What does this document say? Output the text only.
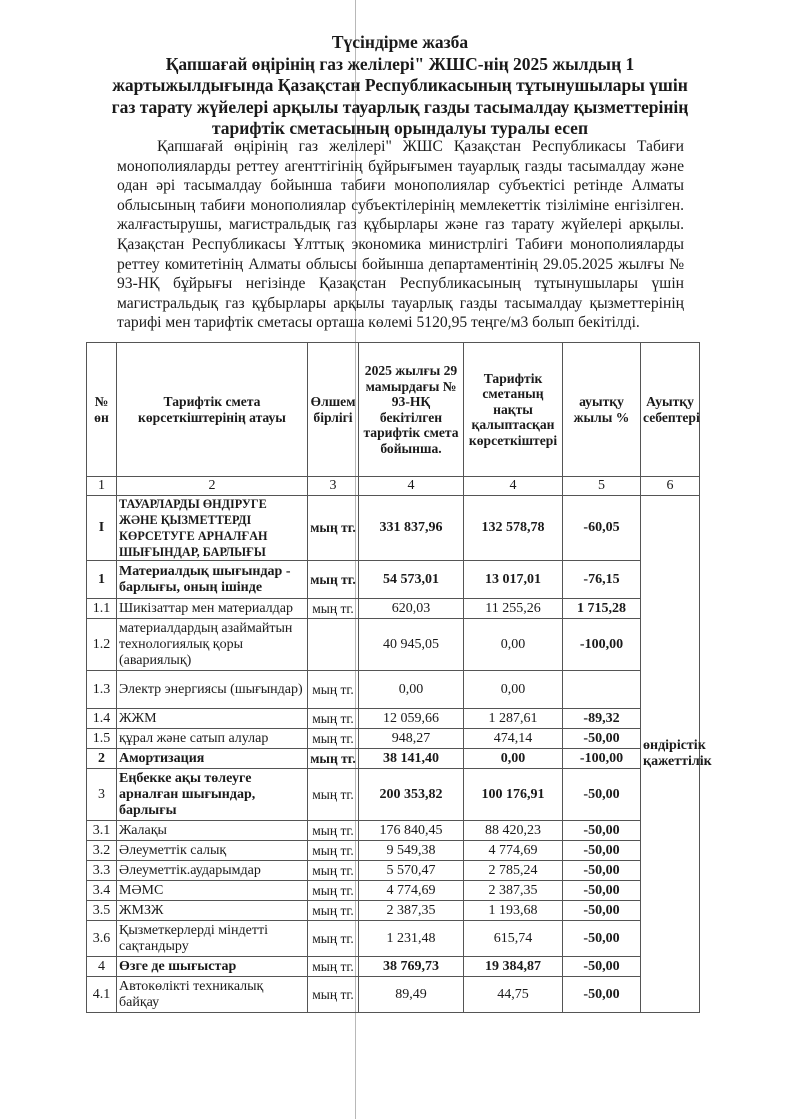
Түсіндірме жазба
Қапшағай өңірінің газ желілері" ЖШС-нің 2025 жылдың 1
жартыжылдығында Қазақстан Республикасының тұтынушылары үшін
газ тарату жүйелері арқылы тауарлық газды тасымалдау қызметтерінің
тарифтік сметасының орындалуы туралы есеп

Қапшағай өңірінің газ желілері" ЖШС Қазақстан Республикасы Табиғи монополияларды реттеу агенттігінің бұйрығымен тауарлық газды тасымалдау және одан әрі тасымалдау бойынша табиғи монополиялар субъектісі ретінде Алматы облысының табиғи монополиялар субъектілерінің мемлекеттік тізіліміне енгізілген. жалғастырушы, магистральдық газ құбырлары және газ тарату жүйелері арқылы. Қазақстан Республикасы Ұлттық экономика министрлігі Табиғи монополияларды реттеу комитетінің Алматы облысы бойынша департаментінің 29.05.2025 жылғы № 93-НҚ бұйрығы негізінде Қазақстан Республикасының тұтынушылары үшін магистральдық газ құбырлары арқылы тауарлық газды тасымалдау қызметтерінің тарифі мен тарифтік сметасы орташа көлемі 5120,95 теңге/м3 болып бекітілді.

№ өн	Тарифтік смета көрсеткіштерінің атауы	Өлшем бірлігі	2025 жылғы 29 мамырдағы № 93-НҚ бекітілген тарифтік смета бойынша.	Тарифтік сметаның нақты қалыптасқан көрсеткіштері	ауытқу жылы %	Ауытқу себептері
1	2	3	4	4	5	6
I	ТАУАРЛАРДЫ ӨНДІРУГЕ ЖӘНЕ ҚЫЗМЕТТЕРДІ КӨРСЕТУГЕ АРНАЛҒАН ШЫҒЫНДАР, БАРЛЫҒЫ	мың тг.	331 837,96	132 578,78	-60,05	өндірістік қажеттілік
1	Материалдық шығындар - барлығы, оның ішінде	мың тг.	54 573,01	13 017,01	-76,15	
1.1	Шикізаттар мен материалдар	мың тг.	620,03	11 255,26	1 715,28	
1.2	материалдардың азаймайтын технологиялық қоры (авариялық)		40 945,05	0,00	-100,00	
1.3	Электр энергиясы (шығындар)	мың тг.	0,00	0,00		
1.4	ЖЖМ	мың тг.	12 059,66	1 287,61	-89,32	
1.5	құрал және сатып алулар	мың тг.	948,27	474,14	-50,00	
2	Амортизация	мың тг.	38 141,40	0,00	-100,00	
3	Еңбекке ақы төлеуге арналған шығындар, барлығы	мың тг.	200 353,82	100 176,91	-50,00	
3.1	Жалақы	мың тг.	176 840,45	88 420,23	-50,00	
3.2	Әлеуметтік салық	мың тг.	9 549,38	4 774,69	-50,00	
3.3	Әлеуметтік.аударымдар	мың тг.	5 570,47	2 785,24	-50,00	
3.4	МӘМС	мың тг.	4 774,69	2 387,35	-50,00	
3.5	ЖМЗЖ	мың тг.	2 387,35	1 193,68	-50,00	
3.6	Қызметкерлерді міндетті сақтандыру	мың тг.	1 231,48	615,74	-50,00	
4	Өзге де шығыстар	мың тг.	38 769,73	19 384,87	-50,00	
4.1	Автокөлікті техникалық байқау	мың тг.	89,49	44,75	-50,00	
